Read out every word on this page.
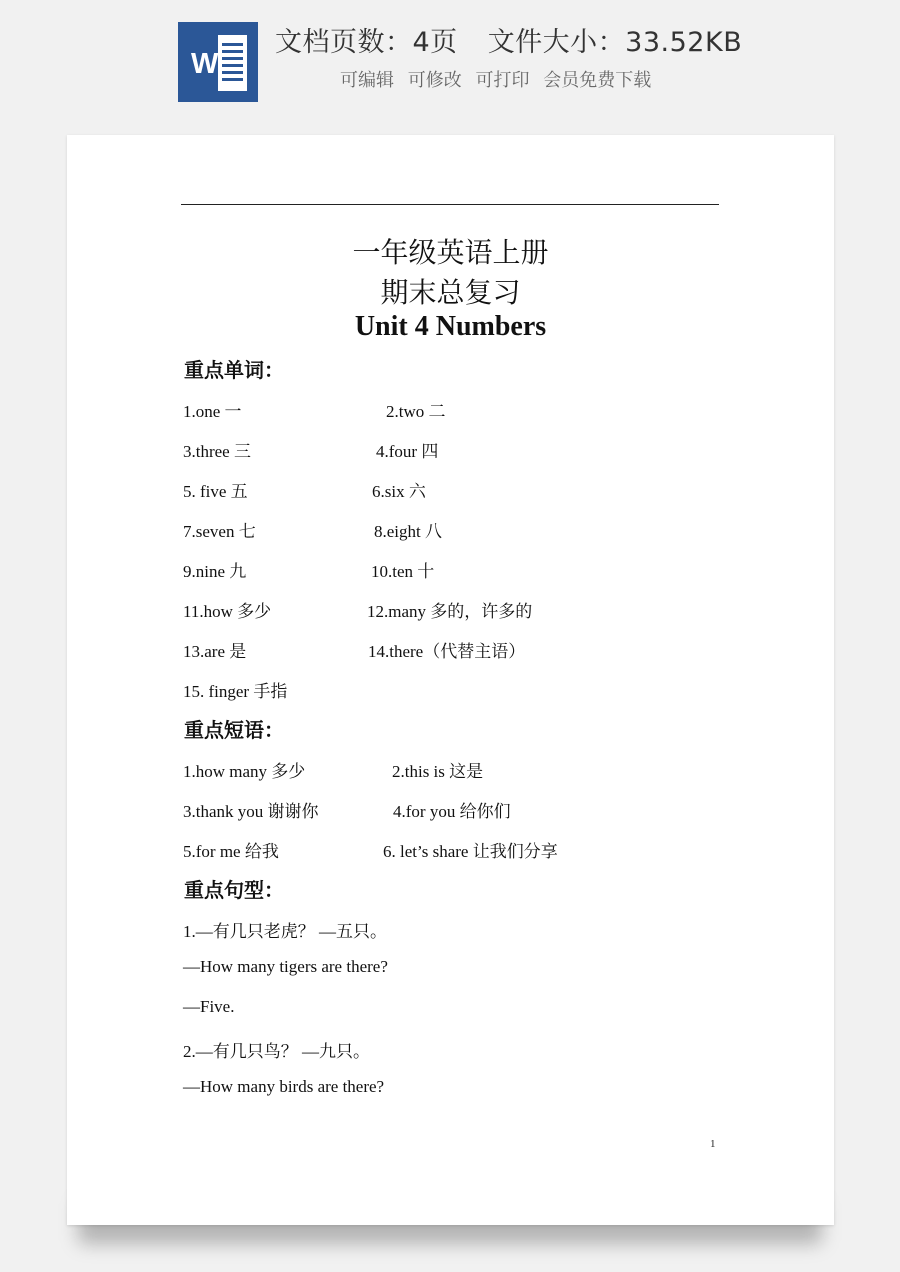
W
文档页数：4页 文件大小：33.52KB
可编辑 可修改 可打印 会员免费下载
一年级英语上册
期末总复习
Unit 4 Numbers
重点单词：
1.one 一	2.two 二
3.three 三	4.four 四
5. five 五	6.six 六
7.seven 七	8.eight 八
9.nine 九	10.ten 十
11.how 多少	12.many 多的，许多的
13.are 是	14.there（代替主语）
15. finger 手指
重点短语：
1.how many 多少	2.this is 这是
3.thank you 谢谢你	4.for you 给你们
5.for me 给我	6. let’s share 让我们分享
重点句型：
1.—有几只老虎？ —五只。
—How many tigers are there?
—Five.
2.—有几只鸟？ —九只。
—How many birds are there?
1
